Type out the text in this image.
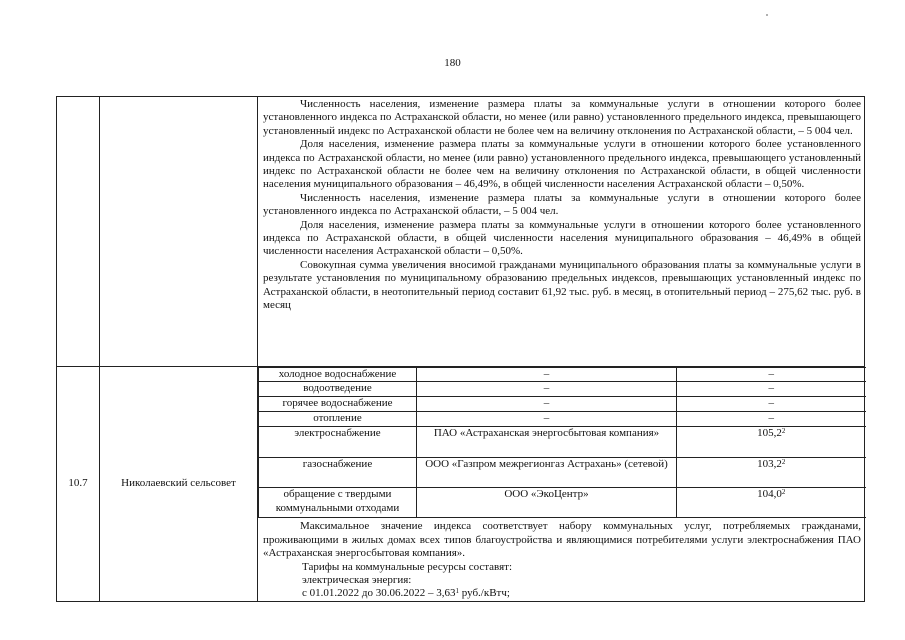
180

Численность населения, изменение размера платы за коммунальные услуги в отношении которого более установленного индекса по Астраханской области, но менее (или равно) установленного предельного индекса, превышающего установленный индекс по Астраханской области не более чем на величину отклонения по Астраханской области, – 5 004 чел.

Доля населения, изменение размера платы за коммунальные услуги в отношении которого более установленного индекса по Астраханской области, но менее (или равно) установленного предельного индекса, превышающего установленный индекс по Астраханской области не более чем на величину отклонения по Астраханской области, в общей численности населения муниципального образования – 46,49%, в общей численности населения Астраханской области – 0,50%.

Численность населения, изменение размера платы за коммунальные услуги в отношении которого более установленного индекса по Астраханской области, – 5 004 чел.

Доля населения, изменение размера платы за коммунальные услуги в отношении которого более установленного индекса по Астраханской области, в общей численности населения муниципального образования – 46,49% в общей численности населения Астраханской области – 0,50%.

Совокупная сумма увеличения вносимой гражданами муниципального образования платы за коммунальные услуги в результате установления по муниципальному образованию предельных индексов, превышающих установленный индекс по Астраханской области, в неотопительный период составит 61,92 тыс. руб. в месяц, в отопительный период – 275,62 тыс. руб. в месяц

10.7	Николаевский сельсовет	
холодное водоснабжение	–	–
водоотведение	–	–
горячее водоснабжение	–	–
отопление	–	–
электроснабжение	ПАО «Астраханская энергосбытовая компания»	105,2$^2$
газоснабжение	ООО «Газпром межрегионгаз Астрахань» (сетевой)	103,2$^2$
обращение с твердыми коммунальными отходами	ООО «ЭкоЦентр»	104,0$^2$

Максимальное значение индекса соответствует набору коммунальных услуг, потребляемых гражданами, проживающими в жилых домах всех типов благоустройства и являющимися потребителями услуги электроснабжения ПАО «Астраханская энергосбытовая компания».

Тарифы на коммунальные ресурсы составят:

электрическая энергия:

с 01.01.2022 до 30.06.2022 – 3,63$^1$ руб./кВтч;
